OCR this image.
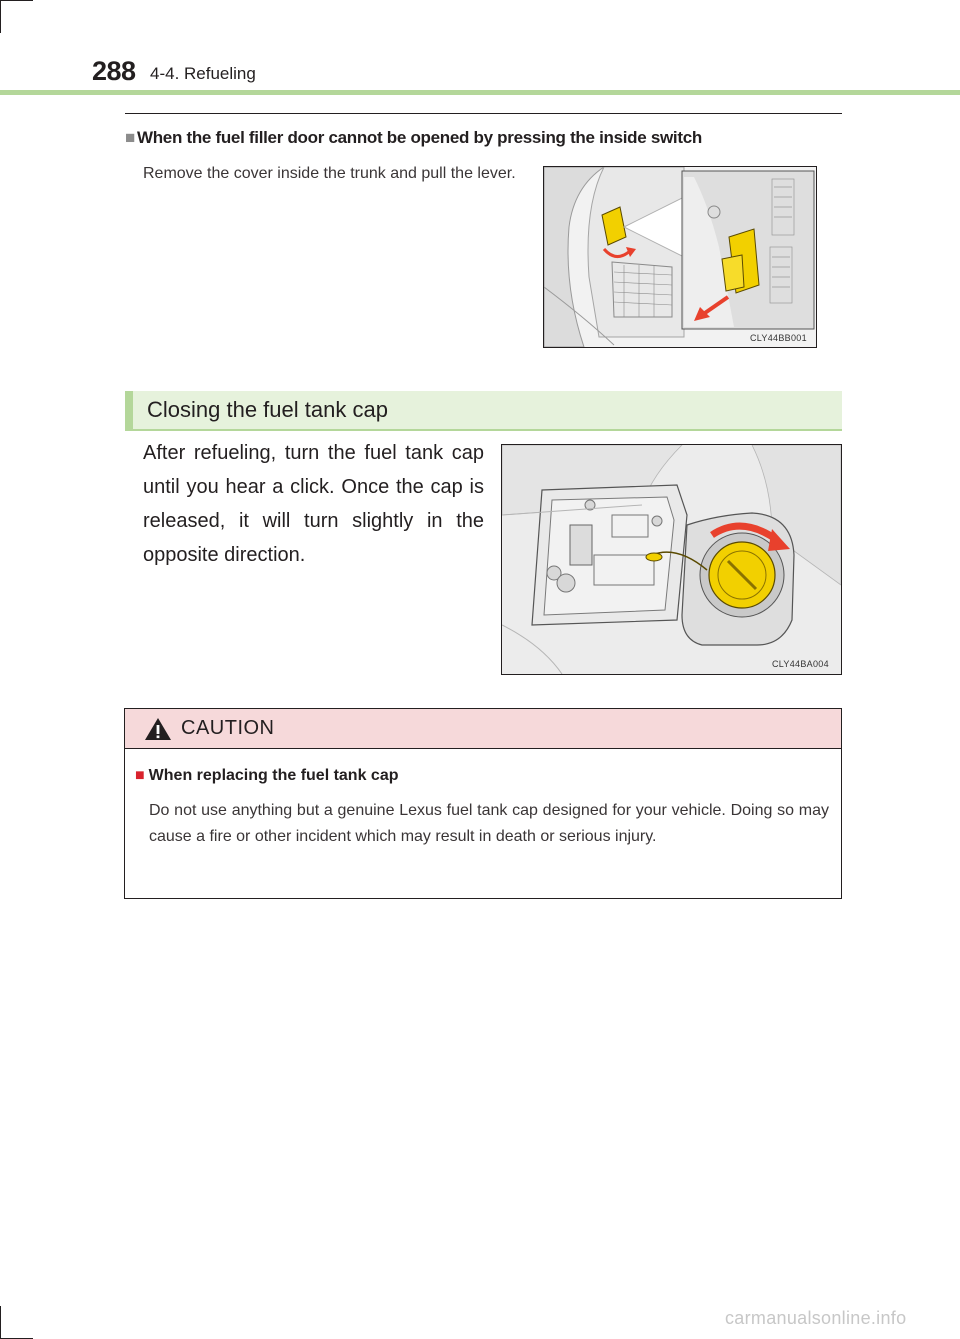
288 4-4. Refueling
■ When the fuel filler door cannot be opened by pressing the inside switch

Remove the cover inside the trunk and pull the lever.

CLY44BB001
Closing the fuel tank cap

After refueling, turn the fuel tank cap until you hear a click. Once the cap is released, it will turn slightly in the opposite direction.

CLY44BA004
CAUTION
■ When replacing the fuel tank cap

Do not use anything but a genuine Lexus fuel tank cap designed for your vehicle. Doing so may cause a fire or other incident which may result in death or serious injury.

carmanualsonline.info
